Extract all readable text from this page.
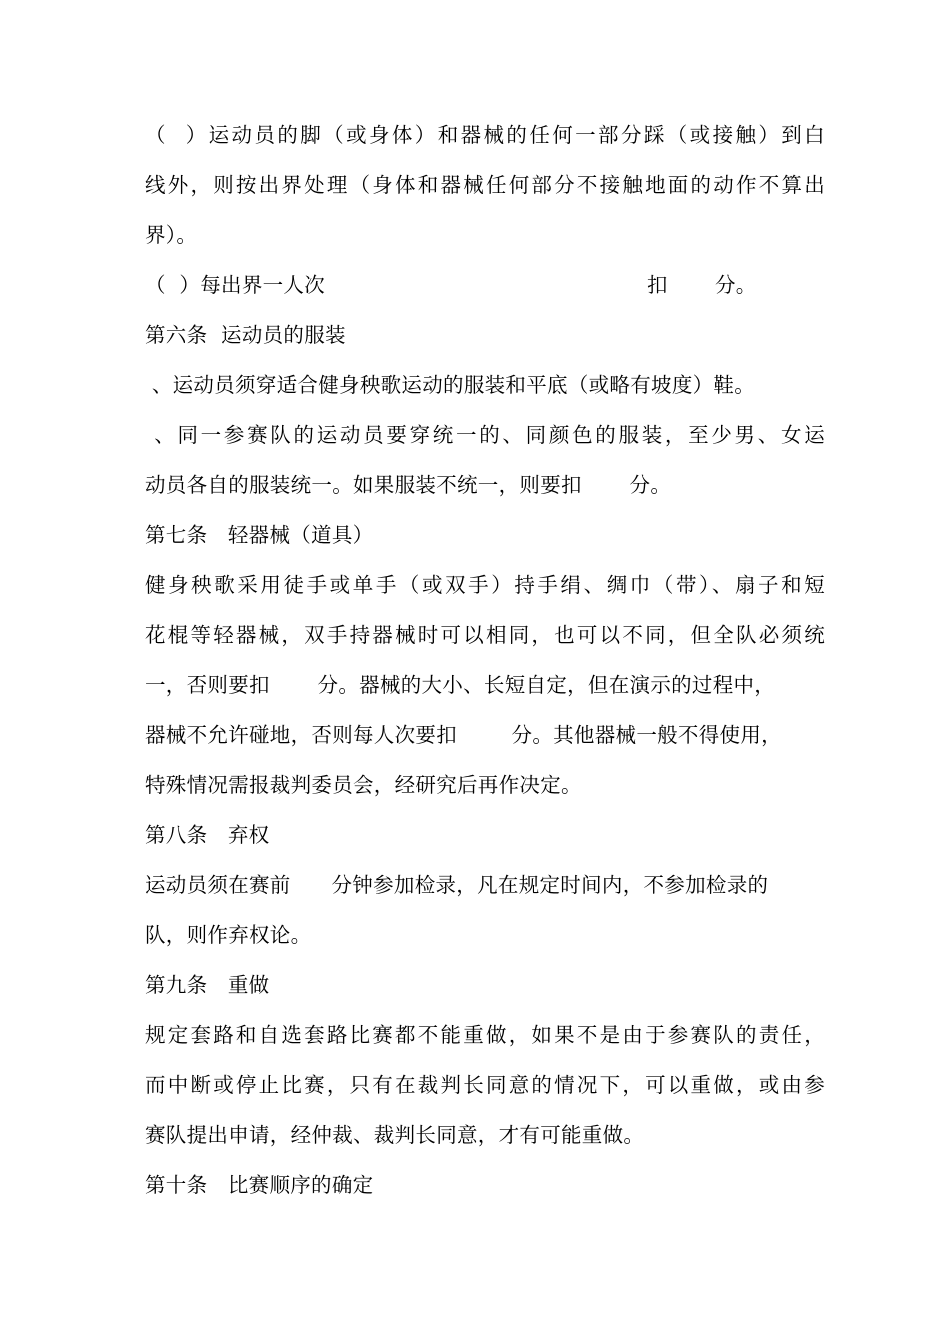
（  ）运动员的脚（或身体）和器械的任何一部分踩（或接触）到白
线外，则按出界处理（身体和器械任何部分不接触地面的动作不算出
界）。

（  ）每出界一人次

	扣

分。

第六条  运动员的服装
、运动员须穿适合健身秧歌运动的服装和平底（或略有坡度）鞋。
、同一参赛队的运动员要穿统一的、同颜色的服装，至少男、女运
动员各自的服装统一。如果服装不统一，则要扣       分。
第七条   轻器械（道具）
健身秧歌采用徒手或单手（或双手）持手绢、绸巾（带）、扇子和短
花棍等轻器械，双手持器械时可以相同，也可以不同，但全队必须统
一，否则要扣       分。器械的大小、长短自定，但在演示的过程中，
器械不允许碰地，否则每人次要扣        分。其他器械一般不得使用，
特殊情况需报裁判委员会，经研究后再作决定。
第八条   弃权
运动员须在赛前      分钟参加检录，凡在规定时间内，不参加检录的
队，则作弃权论。
第九条   重做
规定套路和自选套路比赛都不能重做，如果不是由于参赛队的责任，
而中断或停止比赛，只有在裁判长同意的情况下，可以重做，或由参
赛队提出申请，经仲裁、裁判长同意，才有可能重做。
第十条   比赛顺序的确定
